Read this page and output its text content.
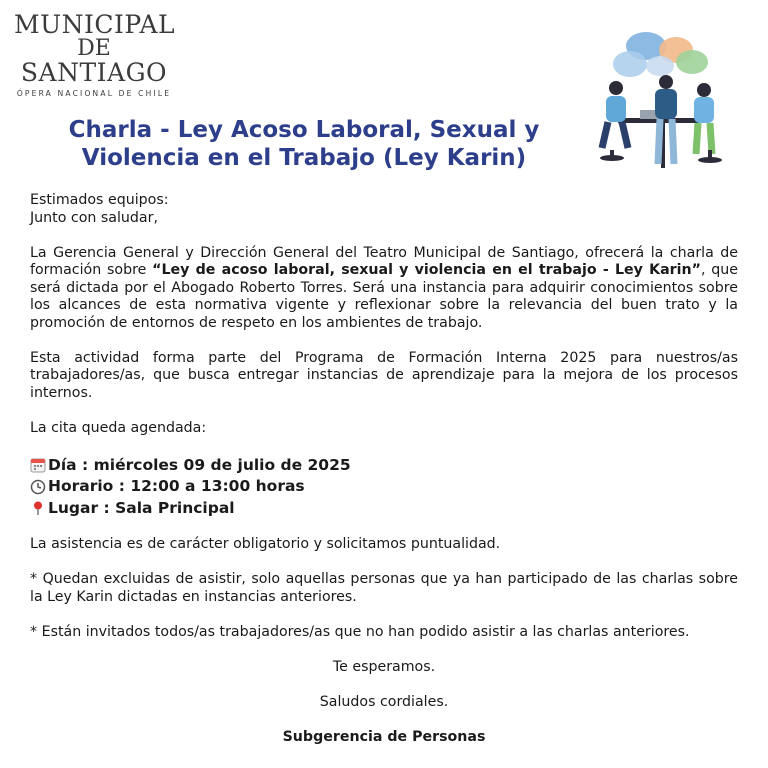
MUNICIPAL
DE
SANTIAGO
ÓPERA NACIONAL DE CHILE
Charla - Ley Acoso Laboral, Sexual y
Violencia en el Trabajo (Ley Karin)
Estimados equipos:
Junto con saludar,
La Gerencia General y Dirección General del Teatro Municipal de Santiago, ofrecerá la charla de formación sobre “Ley de acoso laboral, sexual y violencia en el trabajo - Ley Karin”, que será dictada por el Abogado Roberto Torres. Será una instancia para adquirir conocimientos sobre los alcances de esta normativa vigente y reflexionar sobre la relevancia del buen trato y la promoción de entornos de respeto en los ambientes de trabajo.
Esta actividad forma parte del Programa de Formación Interna 2025 para nuestros/as trabajadores/as, que busca entregar instancias de aprendizaje para la mejora de los procesos internos.
La cita queda agendada:
Día : miércoles 09 de julio de 2025
Horario : 12:00 a 13:00 horas
Lugar : Sala Principal
La asistencia es de carácter obligatorio y solicitamos puntualidad.
* Quedan excluidas de asistir, solo aquellas personas que ya han participado de las charlas sobre la Ley Karin dictadas en instancias anteriores.
* Están invitados todos/as trabajadores/as que no han podido asistir a las charlas anteriores.
Te esperamos.
Saludos cordiales.
Subgerencia de Personas
